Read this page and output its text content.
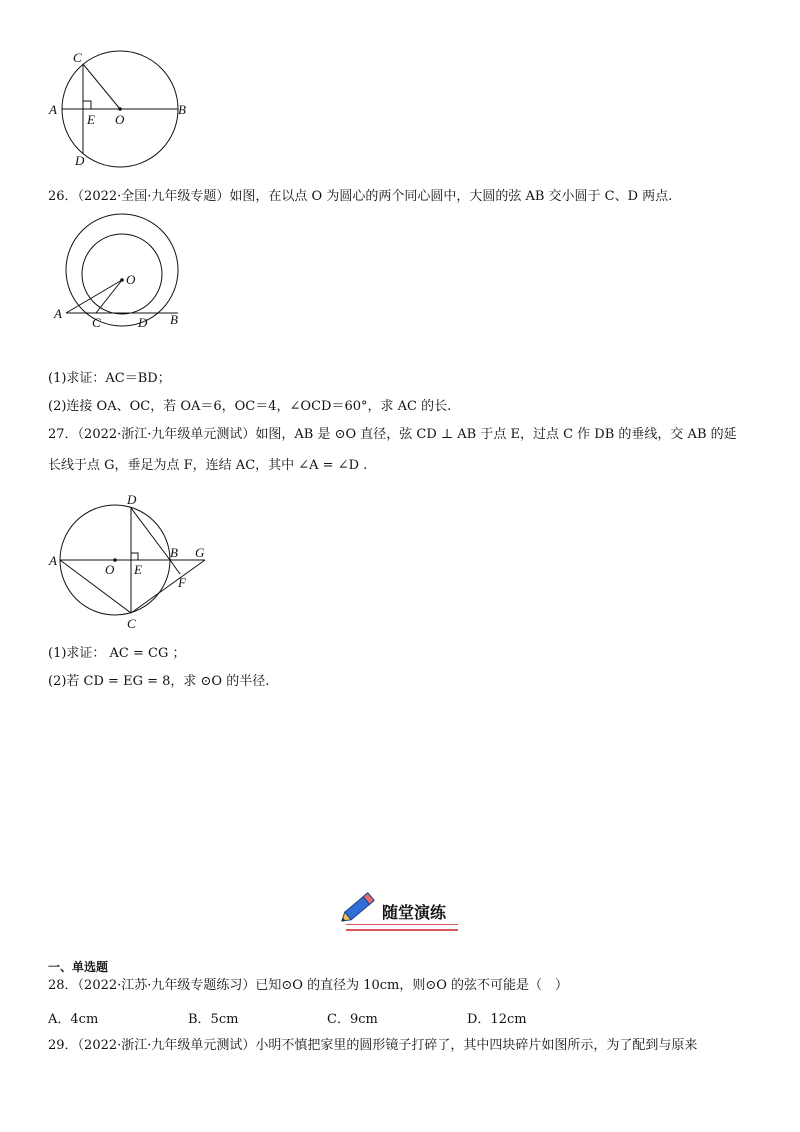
C
A
E O
B
D
26．（2022·全国·九年级专题）如图，在以点 O 为圆心的两个同心圆中，大圆的弦 AB 交小圆于 C、D 两点.
O
A
C	D B
(1)求证：AC＝BD；
(2)连接 OA、OC，若 OA＝6，OC＝4，∠OCD＝60°，求 AC 的长.
27．（2022·浙江·九年级单元测试）如图，AB 是 ⊙O 直径，弦 CD ⊥ AB 于点 E，过点 C 作 DB 的垂线，交 AB 的延
长线于点 G，垂足为点 F，连结 AC，其中 ∠A = ∠D .
D
A
O E
B G
F
C
(1)求证： AC = CG ；
(2)若 CD = EG = 8，求 ⊙O 的半径.
随堂演练
一、单选题
28．（2022·江苏·九年级专题练习）已知⊙O 的直径为 10cm，则⊙O 的弦不可能是（　）
A．4cm	B．5cm	C．9cm	D．12cm
29．（2022·浙江·九年级单元测试）小明不慎把家里的圆形镜子打碎了，其中四块碎片如图所示，为了配到与原来
